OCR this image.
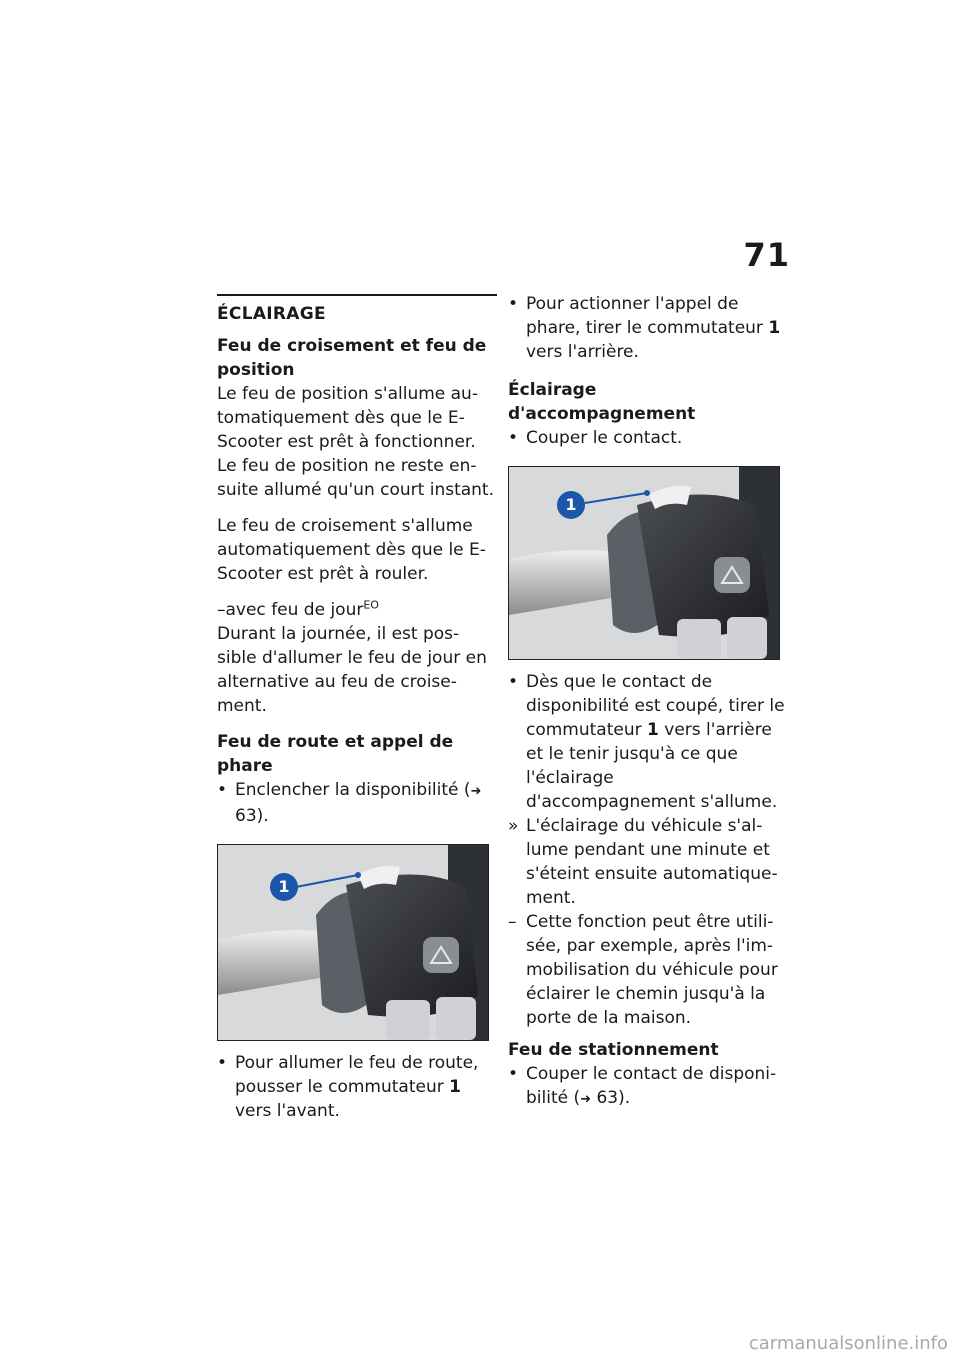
71
ÉCLAIRAGE
Feu de croisement et feu de position

Le feu de position s'allume au-tomatiquement dès que le E-Scooter est prêt à fonctionner. Le feu de position ne reste en-suite allumé qu'un court instant.

Le feu de croisement s'allume automatiquement dès que le E-Scooter est prêt à rouler.

–avec feu de jour$^{EO}$

Durant la journée, il est pos-sible d'allumer le feu de jour en alternative au feu de croise-ment.

Feu de route et appel de phare
• Enclencher la disponibilité (➜ 63).
1
• Pour allumer le feu de route, pousser le commutateur 1 vers l'avant.
• Pour actionner l'appel de phare, tirer le commutateur 1 vers l'arrière.
Éclairage d'accompagnement
• Couper le contact.
1
• Dès que le contact de disponibilité est coupé, tirer le commutateur 1 vers l'arrière et le tenir jusqu'à ce que l'éclairage d'accompagnement s'allume.
» L'éclairage du véhicule s'al-lume pendant une minute et s'éteint ensuite automatique-ment.
– Cette fonction peut être utili-sée, par exemple, après l'im-mobilisation du véhicule pour éclairer le chemin jusqu'à la porte de la maison.
Feu de stationnement
• Couper le contact de disponi-bilité (➜ 63).
carmanualsonline.info
